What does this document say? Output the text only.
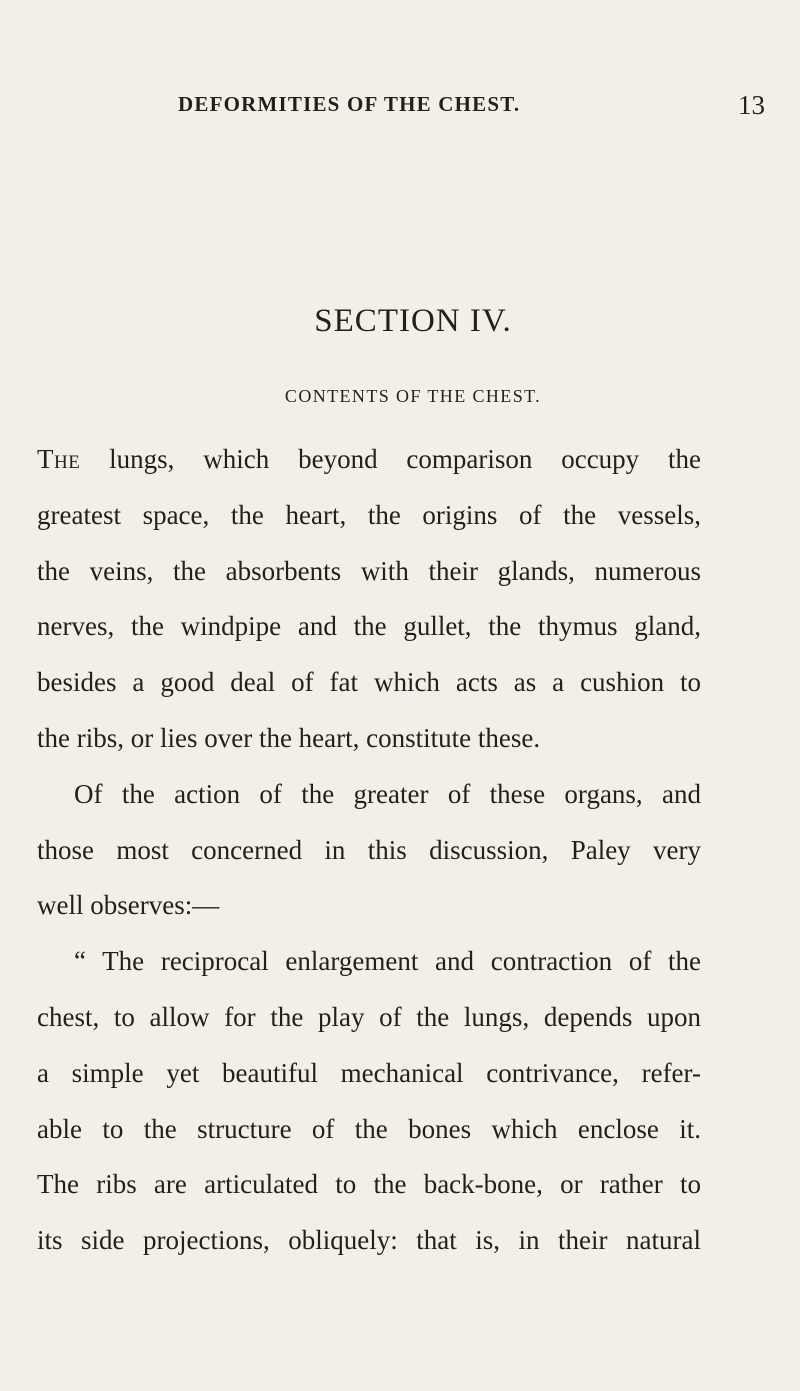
DEFORMITIES OF THE CHEST.	13
SECTION IV.
CONTENTS OF THE CHEST.
The lungs, which beyond comparison occupy the
greatest space, the heart, the origins of the vessels,
the veins, the absorbents with their glands, numerous
nerves, the windpipe and the gullet, the thymus gland,
besides a good deal of fat which acts as a cushion to
the ribs, or lies over the heart, constitute these.
Of the action of the greater of these organs, and
those most concerned in this discussion, Paley very
well observes:—
“ The reciprocal enlargement and contraction of the
chest, to allow for the play of the lungs, depends upon
a simple yet beautiful mechanical contrivance, refer-
able to the structure of the bones which enclose it.
The ribs are articulated to the back-bone, or rather to
its side projections, obliquely: that is, in their natural
